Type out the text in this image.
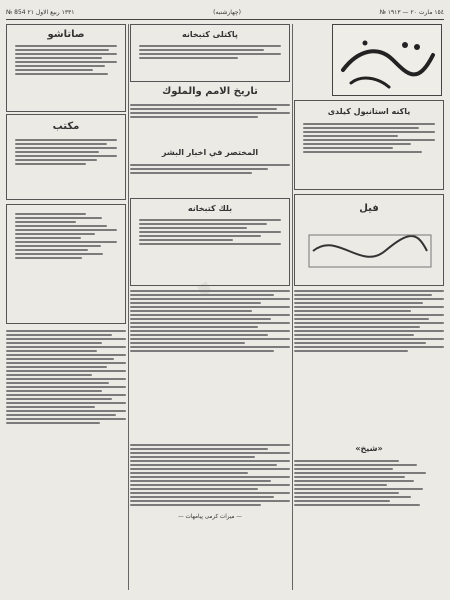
№ 854 ١٣٣١ ربيع الاول ٢١	(چهارشنبه)	№ ١٥٤ مارت ٢٠ — ١٩١٣
صاتاشو
مكتب
پاكتلى كتبخانه
تاريخ الامم والملوك
المختصر في اخبار البشر
بلك كتبخانه
ياكنه استانبول كيلدى
فيل
— ميرات كرمى پيامهات —
«شيخ»
·
